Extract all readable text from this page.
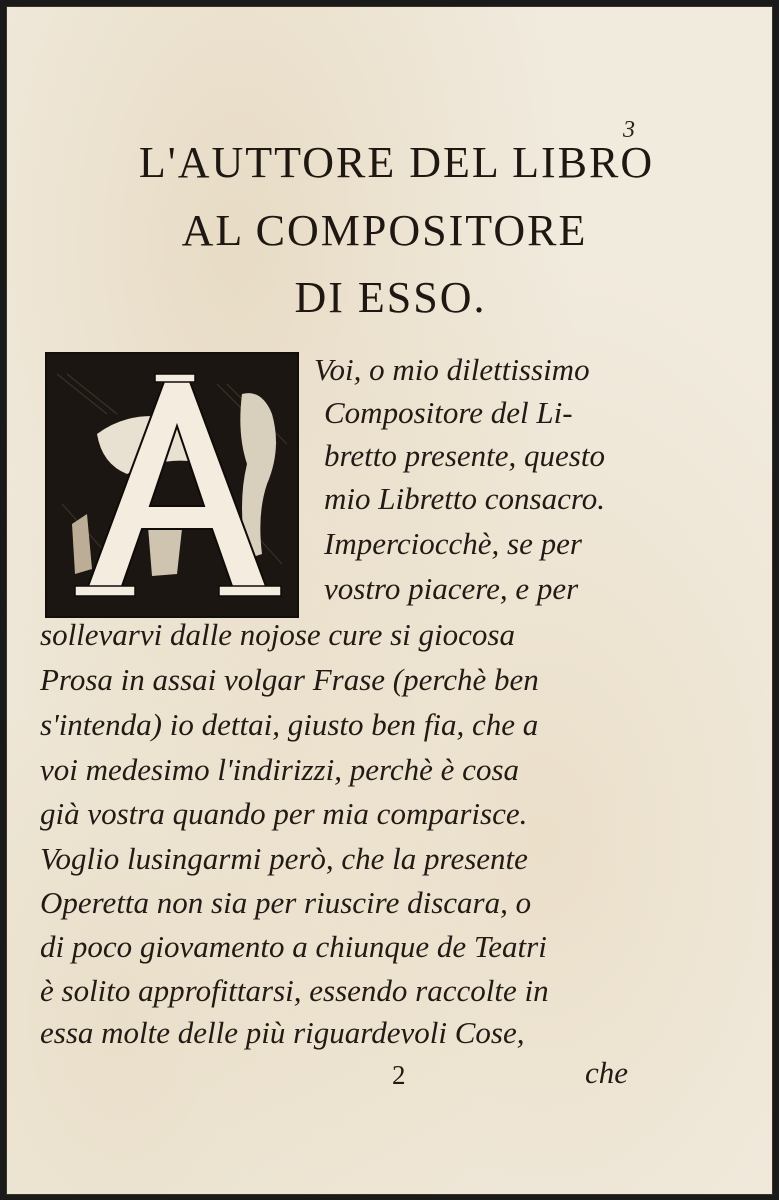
3
L'AUTTORE DEL LIBRO
AL COMPOSITORE
DI ESSO.
Voi, o mio dilettissimo
Compositore del Li-
bretto presente, questo
mio Libretto consacro.
Imperciocchè, se per
vostro piacere, e per
sollevarvi dalle nojose cure si giocosa
Prosa in assai volgar Frase (perchè ben
s'intenda) io dettai, giusto ben fia, che a
voi medesimo l'indirizzi, perchè è cosa
già vostra quando per mia comparisce.
Voglio lusingarmi però, che la presente
Operetta non sia per riuscire discara, o
di poco giovamento a chiunque de Teatri
è solito approfittarsi, essendo raccolte in
essa molte delle più riguardevoli Cose,
2	che
